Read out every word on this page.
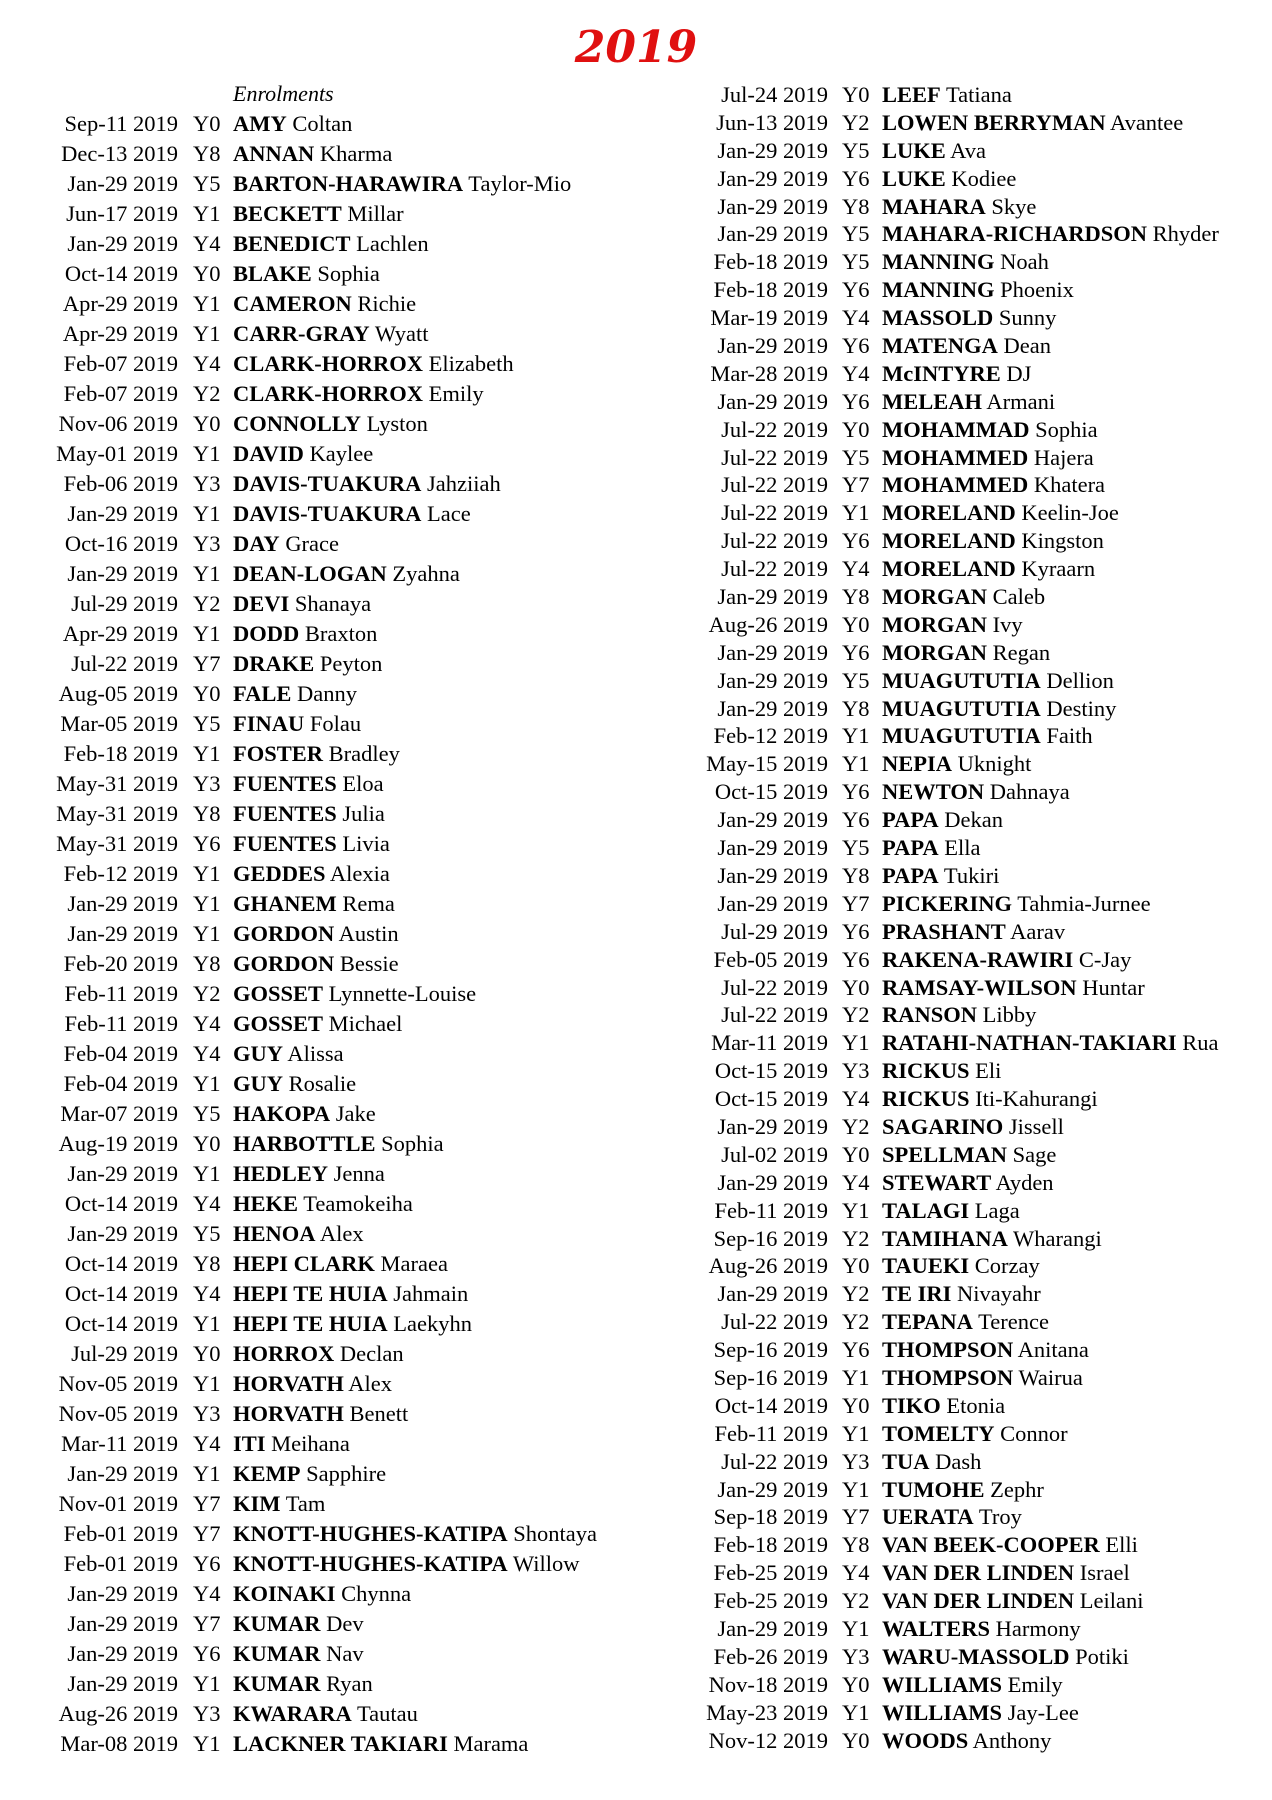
2019
Enrolments
Sep-11 2019 Y0 AMY Coltan
Dec-13 2019 Y8 ANNAN Kharma
Jan-29 2019 Y5 BARTON-HARAWIRA Taylor-Mio
Jun-17 2019 Y1 BECKETT Millar
Jan-29 2019 Y4 BENEDICT Lachlen
Oct-14 2019 Y0 BLAKE Sophia
Apr-29 2019 Y1 CAMERON Richie
Apr-29 2019 Y1 CARR-GRAY Wyatt
Feb-07 2019 Y4 CLARK-HORROX Elizabeth
Feb-07 2019 Y2 CLARK-HORROX Emily
Nov-06 2019 Y0 CONNOLLY Lyston
May-01 2019 Y1 DAVID Kaylee
Feb-06 2019 Y3 DAVIS-TUAKURA Jahziiah
Jan-29 2019 Y1 DAVIS-TUAKURA Lace
Oct-16 2019 Y3 DAY Grace
Jan-29 2019 Y1 DEAN-LOGAN Zyahna
Jul-29 2019 Y2 DEVI Shanaya
Apr-29 2019 Y1 DODD Braxton
Jul-22 2019 Y7 DRAKE Peyton
Aug-05 2019 Y0 FALE Danny
Mar-05 2019 Y5 FINAU Folau
Feb-18 2019 Y1 FOSTER Bradley
May-31 2019 Y3 FUENTES Eloa
May-31 2019 Y8 FUENTES Julia
May-31 2019 Y6 FUENTES Livia
Feb-12 2019 Y1 GEDDES Alexia
Jan-29 2019 Y1 GHANEM Rema
Jan-29 2019 Y1 GORDON Austin
Feb-20 2019 Y8 GORDON Bessie
Feb-11 2019 Y2 GOSSET Lynnette-Louise
Feb-11 2019 Y4 GOSSET Michael
Feb-04 2019 Y4 GUY Alissa
Feb-04 2019 Y1 GUY Rosalie
Mar-07 2019 Y5 HAKOPA Jake
Aug-19 2019 Y0 HARBOTTLE Sophia
Jan-29 2019 Y1 HEDLEY Jenna
Oct-14 2019 Y4 HEKE Teamokeiha
Jan-29 2019 Y5 HENOA Alex
Oct-14 2019 Y8 HEPI CLARK Maraea
Oct-14 2019 Y4 HEPI TE HUIA Jahmain
Oct-14 2019 Y1 HEPI TE HUIA Laekyhn
Jul-29 2019 Y0 HORROX Declan
Nov-05 2019 Y1 HORVATH Alex
Nov-05 2019 Y3 HORVATH Benett
Mar-11 2019 Y4 ITI Meihana
Jan-29 2019 Y1 KEMP Sapphire
Nov-01 2019 Y7 KIM Tam
Feb-01 2019 Y7 KNOTT-HUGHES-KATIPA Shontaya
Feb-01 2019 Y6 KNOTT-HUGHES-KATIPA Willow
Jan-29 2019 Y4 KOINAKI Chynna
Jan-29 2019 Y7 KUMAR Dev
Jan-29 2019 Y6 KUMAR Nav
Jan-29 2019 Y1 KUMAR Ryan
Aug-26 2019 Y3 KWARARA Tautau
Mar-08 2019 Y1 LACKNER TAKIARI Marama
Jul-24 2019 Y0 LEEF Tatiana
Jun-13 2019 Y2 LOWEN BERRYMAN Avantee
Jan-29 2019 Y5 LUKE Ava
Jan-29 2019 Y6 LUKE Kodiee
Jan-29 2019 Y8 MAHARA Skye
Jan-29 2019 Y5 MAHARA-RICHARDSON Rhyder
Feb-18 2019 Y5 MANNING Noah
Feb-18 2019 Y6 MANNING Phoenix
Mar-19 2019 Y4 MASSOLD Sunny
Jan-29 2019 Y6 MATENGA Dean
Mar-28 2019 Y4 McINTYRE DJ
Jan-29 2019 Y6 MELEAH Armani
Jul-22 2019 Y0 MOHAMMAD Sophia
Jul-22 2019 Y5 MOHAMMED Hajera
Jul-22 2019 Y7 MOHAMMED Khatera
Jul-22 2019 Y1 MORELAND Keelin-Joe
Jul-22 2019 Y6 MORELAND Kingston
Jul-22 2019 Y4 MORELAND Kyraarn
Jan-29 2019 Y8 MORGAN Caleb
Aug-26 2019 Y0 MORGAN Ivy
Jan-29 2019 Y6 MORGAN Regan
Jan-29 2019 Y5 MUAGUTUTIA Dellion
Jan-29 2019 Y8 MUAGUTUTIA Destiny
Feb-12 2019 Y1 MUAGUTUTIA Faith
May-15 2019 Y1 NEPIA Uknight
Oct-15 2019 Y6 NEWTON Dahnaya
Jan-29 2019 Y6 PAPA Dekan
Jan-29 2019 Y5 PAPA Ella
Jan-29 2019 Y8 PAPA Tukiri
Jan-29 2019 Y7 PICKERING Tahmia-Jurnee
Jul-29 2019 Y6 PRASHANT Aarav
Feb-05 2019 Y6 RAKENA-RAWIRI C-Jay
Jul-22 2019 Y0 RAMSAY-WILSON Huntar
Jul-22 2019 Y2 RANSON Libby
Mar-11 2019 Y1 RATAHI-NATHAN-TAKIARI Rua
Oct-15 2019 Y3 RICKUS Eli
Oct-15 2019 Y4 RICKUS Iti-Kahurangi
Jan-29 2019 Y2 SAGARINO Jissell
Jul-02 2019 Y0 SPELLMAN Sage
Jan-29 2019 Y4 STEWART Ayden
Feb-11 2019 Y1 TALAGI Laga
Sep-16 2019 Y2 TAMIHANA Wharangi
Aug-26 2019 Y0 TAUEKI Corzay
Jan-29 2019 Y2 TE IRI Nivayahr
Jul-22 2019 Y2 TEPANA Terence
Sep-16 2019 Y6 THOMPSON Anitana
Sep-16 2019 Y1 THOMPSON Wairua
Oct-14 2019 Y0 TIKO Etonia
Feb-11 2019 Y1 TOMELTY Connor
Jul-22 2019 Y3 TUA Dash
Jan-29 2019 Y1 TUMOHE Zephr
Sep-18 2019 Y7 UERATA Troy
Feb-18 2019 Y8 VAN BEEK-COOPER Elli
Feb-25 2019 Y4 VAN DER LINDEN Israel
Feb-25 2019 Y2 VAN DER LINDEN Leilani
Jan-29 2019 Y1 WALTERS Harmony
Feb-26 2019 Y3 WARU-MASSOLD Potiki
Nov-18 2019 Y0 WILLIAMS Emily
May-23 2019 Y1 WILLIAMS Jay-Lee
Nov-12 2019 Y0 WOODS Anthony
